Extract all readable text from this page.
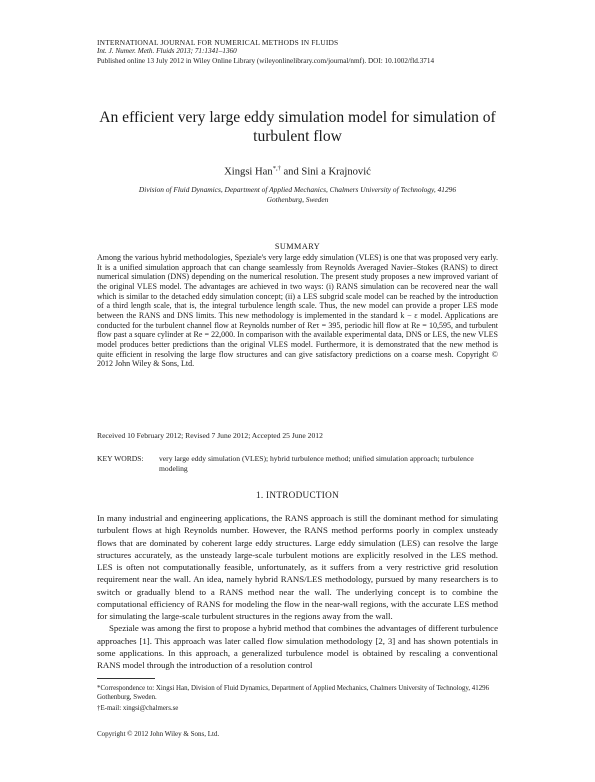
INTERNATIONAL JOURNAL FOR NUMERICAL METHODS IN FLUIDS
Int. J. Numer. Meth. Fluids 2013; 71:1341–1360
Published online 13 July 2012 in Wiley Online Library (wileyonlinelibrary.com/journal/nmf). DOI: 10.1002/fld.3714
An efficient very large eddy simulation model for simulation of turbulent flow
Xingsi Han*,† and Sini a Krajnović
Division of Fluid Dynamics, Department of Applied Mechanics, Chalmers University of Technology, 41296 Gothenburg, Sweden
SUMMARY
Among the various hybrid methodologies, Speziale's very large eddy simulation (VLES) is one that was proposed very early. It is a unified simulation approach that can change seamlessly from Reynolds Averaged Navier–Stokes (RANS) to direct numerical simulation (DNS) depending on the numerical resolution. The present study proposes a new improved variant of the original VLES model. The advantages are achieved in two ways: (i) RANS simulation can be recovered near the wall which is similar to the detached eddy simulation concept; (ii) a LES subgrid scale model can be reached by the introduction of a third length scale, that is, the integral turbulence length scale. Thus, the new model can provide a proper LES mode between the RANS and DNS limits. This new methodology is implemented in the standard k − ε model. Applications are conducted for the turbulent channel flow at Reynolds number of Reτ = 395, periodic hill flow at Re = 10,595, and turbulent flow past a square cylinder at Re = 22,000. In comparison with the available experimental data, DNS or LES, the new VLES model produces better predictions than the original VLES model. Furthermore, it is demonstrated that the new method is quite efficient in resolving the large flow structures and can give satisfactory predictions on a coarse mesh. Copyright © 2012 John Wiley & Sons, Ltd.
Received 10 February 2012; Revised 7 June 2012; Accepted 25 June 2012
KEY WORDS:	very large eddy simulation (VLES); hybrid turbulence method; unified simulation approach; turbulence modeling
1. INTRODUCTION

In many industrial and engineering applications, the RANS approach is still the dominant method for simulating turbulent flows at high Reynolds number. However, the RANS method performs poorly in complex unsteady flows that are dominated by coherent large eddy structures. Large eddy simulation (LES) can resolve the large structures accurately, as the unsteady large-scale turbulent motions are explicitly resolved in the LES method. LES is often not computationally feasible, unfortunately, as it suffers from a very restrictive grid resolution requirement near the wall. An idea, namely hybrid RANS/LES methodology, pursued by many researchers is to switch or gradually blend to a RANS method near the wall. The underlying concept is to combine the computational efficiency of RANS for modeling the flow in the near-wall regions, with the accurate LES method for simulating the large-scale turbulent structures in the regions away from the wall.

Speziale was among the first to propose a hybrid method that combines the advantages of different turbulence approaches [1]. This approach was later called flow simulation methodology [2, 3] and has shown potentials in some applications. In this approach, a generalized turbulence model is obtained by rescaling a conventional RANS model through the introduction of a resolution control

*Correspondence to: Xingsi Han, Division of Fluid Dynamics, Department of Applied Mechanics, Chalmers University of Technology, 41296 Gothenburg, Sweden.

†E-mail: xingsi@chalmers.se

Copyright © 2012 John Wiley & Sons, Ltd.
